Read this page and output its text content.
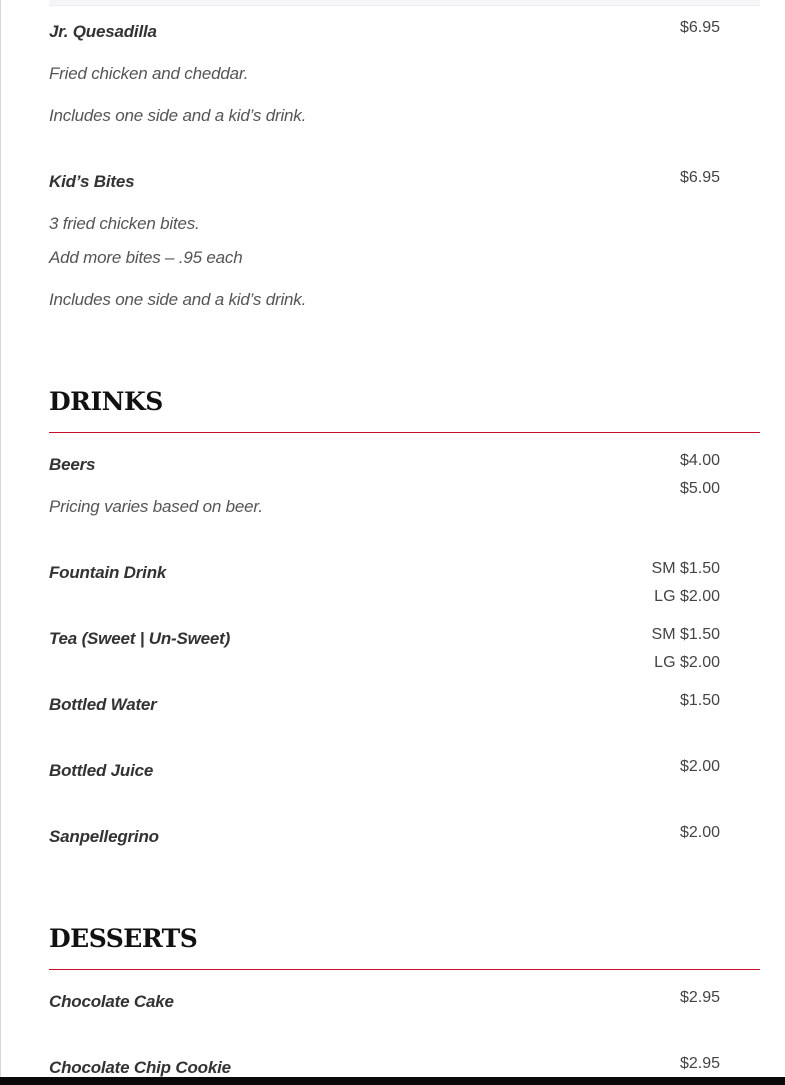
Jr. Quesadilla	$6.95
Fried chicken and cheddar.
Includes one side and a kid’s drink.
Kid’s Bites	$6.95
3 fried chicken bites.
Add more bites – .95 each
Includes one side and a kid’s drink.
DRINKS
Beers	$4.00
$5.00
Pricing varies based on beer.
Fountain Drink	SM $1.50
LG $2.00
Tea (Sweet | Un-Sweet)	SM $1.50
LG $2.00
Bottled Water	$1.50
Bottled Juice	$2.00
Sanpellegrino	$2.00
DESSERTS
Chocolate Cake	$2.95
Chocolate Chip Cookie	$2.95
